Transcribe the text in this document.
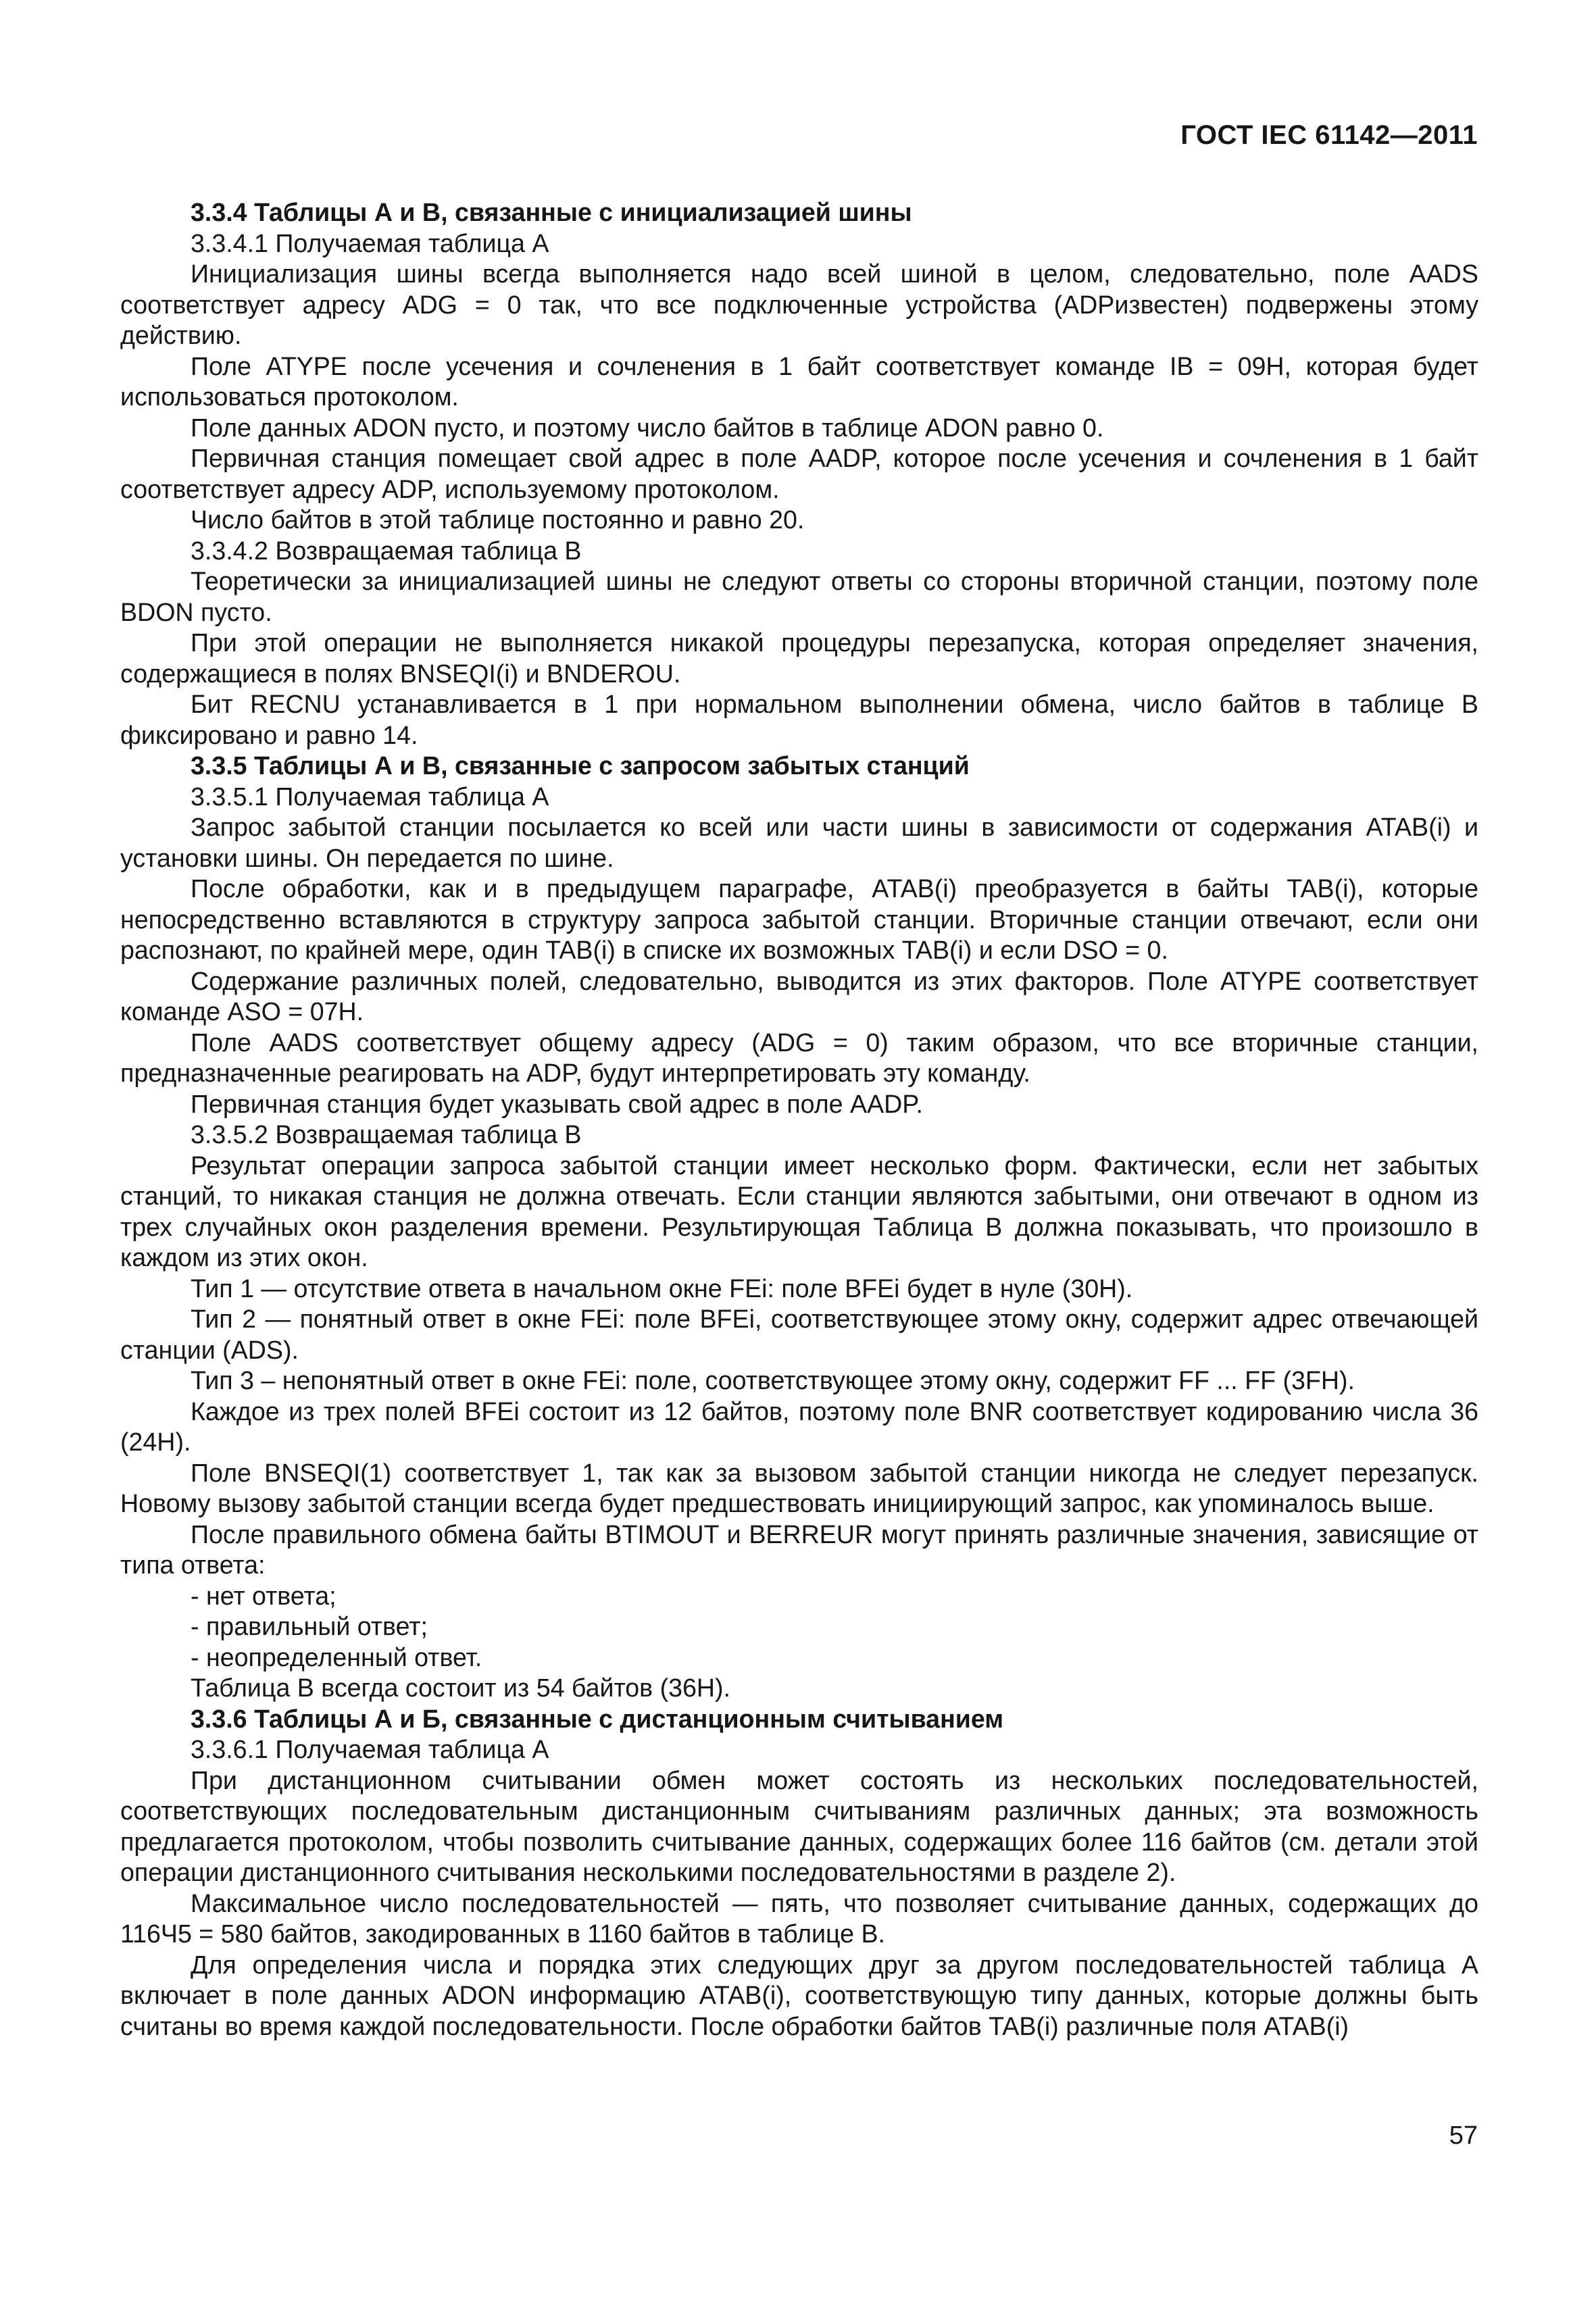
ГОСТ IEC 61142—2011

3.3.4 Таблицы А и В, связанные с инициализацией шины

3.3.4.1 Получаемая таблица А

Инициализация шины всегда выполняется надо всей шиной в целом, следовательно, поле AADS соответствует адресу ADG = 0 так, что все подключенные устройства (ADPизвестен) подвержены этому действию.

Поле ATYPE после усечения и сочленения в 1 байт соответствует команде IB = 09H, которая будет использоваться протоколом.

Поле данных ADON пусто, и поэтому число байтов в таблице ADON равно 0.

Первичная станция помещает свой адрес в поле AADP, которое после усечения и сочленения в 1 байт соответствует адресу ADP, используемому протоколом.

Число байтов в этой таблице постоянно и равно 20.

3.3.4.2 Возвращаемая таблица В

Теоретически за инициализацией шины не следуют ответы со стороны вторичной станции, поэтому поле BDON пусто.

При этой операции не выполняется никакой процедуры перезапуска, которая определяет значения, содержащиеся в полях BNSEQI(i) и BNDEROU.

Бит RECNU устанавливается в 1 при нормальном выполнении обмена, число байтов в таблице В фиксировано и равно 14.

3.3.5 Таблицы А и В, связанные с запросом забытых станций

3.3.5.1 Получаемая таблица А

Запрос забытой станции посылается ко всей или части шины в зависимости от содержания ATAB(i) и установки шины. Он передается по шине.

После обработки, как и в предыдущем параграфе, ATAB(i) преобразуется в байты TAB(i), которые непосредственно вставляются в структуру запроса забытой станции. Вторичные станции отвечают, если они распознают, по крайней мере, один TAB(i) в списке их возможных TAB(i) и если DSO = 0.

Содержание различных полей, следовательно, выводится из этих факторов. Поле ATYPE соответствует команде ASO = 07H.

Поле AADS соответствует общему адресу (ADG = 0) таким образом, что все вторичные станции, предназначенные реагировать на ADP, будут интерпретировать эту команду.

Первичная станция будет указывать свой адрес в поле AADP.

3.3.5.2 Возвращаемая таблица В

Результат операции запроса забытой станции имеет несколько форм. Фактически, если нет забытых станций, то никакая станция не должна отвечать. Если станции являются забытыми, они отвечают в одном из трех случайных окон разделения времени. Результирующая Таблица В должна показывать, что произошло в каждом из этих окон.

Тип 1 — отсутствие ответа в начальном окне FEi: поле BFEi будет в нуле (30H).

Тип 2 — понятный ответ в окне FEi: поле BFEi, соответствующее этому окну, содержит адрес отвечающей станции (ADS).

Тип 3 – непонятный ответ в окне FEi: поле, соответствующее этому окну, содержит FF ... FF (3FH).

Каждое из трех полей BFEi состоит из 12 байтов, поэтому поле BNR соответствует кодированию числа 36 (24H).

Поле BNSEQI(1) соответствует 1, так как за вызовом забытой станции никогда не следует перезапуск. Новому вызову забытой станции всегда будет предшествовать инициирующий запрос, как упоминалось выше.

После правильного обмена байты BTIMOUT и BERREUR могут принять различные значения, зависящие от типа ответа:

- нет ответа;

- правильный ответ;

- неопределенный ответ.

Таблица В всегда состоит из 54 байтов (36H).

3.3.6 Таблицы А и Б, связанные с дистанционным считыванием

3.3.6.1 Получаемая таблица А

При дистанционном считывании обмен может состоять из нескольких последовательностей, соответствующих последовательным дистанционным считываниям различных данных; эта возможность предлагается протоколом, чтобы позволить считывание данных, содержащих более 116 байтов (см. детали этой операции дистанционного считывания несколькими последовательностями в разделе 2).

Максимальное число последовательностей — пять, что позволяет считывание данных, содержащих до 116Ч5 = 580 байтов, закодированных в 1160 байтов в таблице В.

Для определения числа и порядка этих следующих друг за другом последовательностей таблица А включает в поле данных ADON информацию ATAB(i), соответствующую типу данных, которые должны быть считаны во время каждой последовательности. После обработки байтов TAB(i) различные поля ATAB(i)

57
